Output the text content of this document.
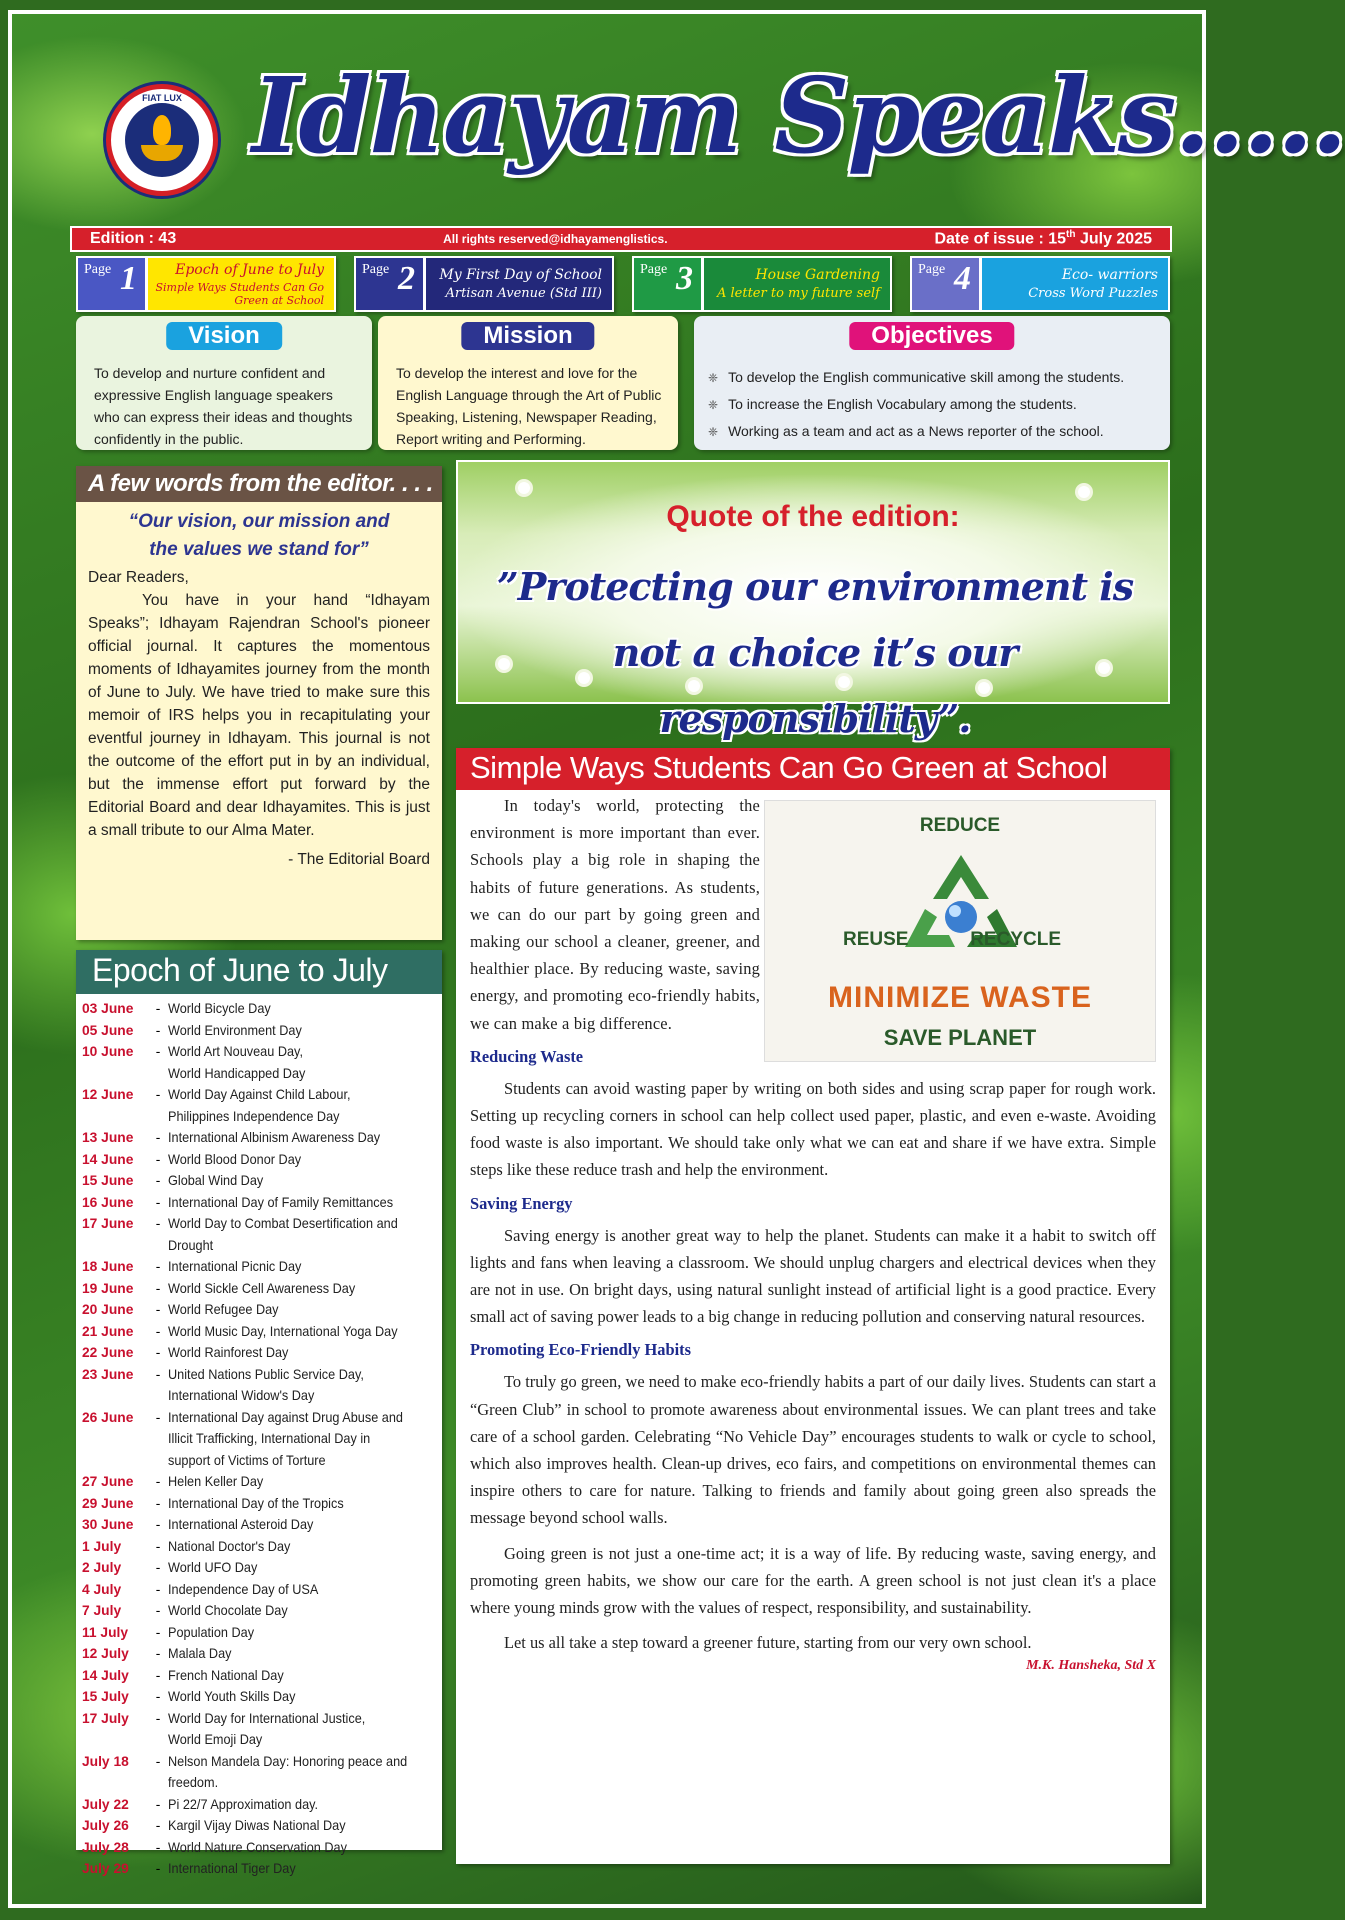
FIAT LUX Idhayam Speaks.....
Edition : 43	All rights reserved@idhayamenglistics.	Date of issue : 15th July 2025
Page 1	Epoch of June to July
Simple Ways Students Can Go Green at School
Page 2	My First Day of School
Artisan Avenue (Std III)
Page 3	House Gardening
A letter to my future self
Page 4	Eco- warriors
Cross Word Puzzles
Vision
To develop and nurture confident and expressive English language speakers who can express their ideas and thoughts confidently in the public.
Mission
To develop the interest and love for the English Language through the Art of Public Speaking, Listening, Newspaper Reading, Report writing and Performing.
Objectives
❈ To develop the English communicative skill among the students.
❈ To increase the English Vocabulary among the students.
❈ Working as a team and act as a News reporter of the school.
A few words from the editor. . . .
“Our vision, our mission and
the values we stand for”
Dear Readers,
You have in your hand “Idhayam Speaks”; Idhayam Rajendran School's pioneer official journal. It captures the momentous moments of Idhayamites journey from the month of June to July. We have tried to make sure this memoir of IRS helps you in recapitulating your eventful journey in Idhayam. This journal is not the outcome of the effort put in by an individual, but the immense effort put forward by the Editorial Board and dear Idhayamites. This is just a small tribute to our Alma Mater.
- The Editorial Board
Epoch of June to July
03 June	- World Bicycle Day
05 June	- World Environment Day
10 June	- World Art Nouveau Day,
World Handicapped Day
12 June	- World Day Against Child Labour,
Philippines Independence Day
13 June	- International Albinism Awareness Day
14 June	- World Blood Donor Day
15 June	- Global Wind Day
16 June	- International Day of Family Remittances
17 June	- World Day to Combat Desertification and
Drought
18 June	- International Picnic Day
19 June	- World Sickle Cell Awareness Day
20 June	- World Refugee Day
21 June	- World Music Day, International Yoga Day
22 June	- World Rainforest Day
23 June	- United Nations Public Service Day,
International Widow's Day
26 June	- International Day against Drug Abuse and
Illicit Trafficking, International Day in
support of Victims of Torture
27 June	- Helen Keller Day
29 June	- International Day of the Tropics
30 June	- International Asteroid Day
1 July	- National Doctor's Day
2 July	- World UFO Day
4 July	- Independence Day of USA
7 July	- World Chocolate Day
11 July	- Population Day
12 July	- Malala Day
14 July	- French National Day
15 July	- World Youth Skills Day
17 July	- World Day for International Justice,
World Emoji Day
July 18	- Nelson Mandela Day: Honoring peace and
freedom.
July 22	- Pi 22/7 Approximation day.
July 26	- Kargil Vijay Diwas National Day
July 28	- World Nature Conservation Day
July 29	- International Tiger Day
Quote of the edition:
”Protecting our environment is
not a choice it’s our responsibility”.

In today's world, protecting the environment is more important than ever. Schools play a big role in shaping the habits of future generations. As students, we can do our part by going green and making our school a cleaner, greener, and healthier place. By reducing waste, saving energy, and promoting eco-friendly habits, we can make a big difference.

Reducing Waste

Students can avoid wasting paper by writing on both sides and using scrap paper for rough work. Setting up recycling corners in school can help collect used paper, plastic, and even e-waste. Avoiding food waste is also important. We should take only what we can eat and share if we have extra. Simple steps like these reduce trash and help the environment.

Saving Energy

Saving energy is another great way to help the planet. Students can make it a habit to switch off lights and fans when leaving a classroom. We should unplug chargers and electrical devices when they are not in use. On bright days, using natural sunlight instead of artificial light is a good practice. Every small act of saving power leads to a big change in reducing pollution and conserving natural resources.

Promoting Eco-Friendly Habits

To truly go green, we need to make eco-friendly habits a part of our daily lives. Students can start a “Green Club” in school to promote awareness about environmental issues. We can plant trees and take care of a school garden. Celebrating “No Vehicle Day” encourages students to walk or cycle to school, which also improves health. Clean-up drives, eco fairs, and competitions on environmental themes can inspire others to care for nature. Talking to friends and family about going green also spreads the message beyond school walls.

Going green is not just a one-time act; it is a way of life. By reducing waste, saving energy, and promoting green habits, we show our care for the earth. A green school is not just clean it's a place where young minds grow with the values of respect, responsibility, and sustainability.

Let us all take a step toward a greener future, starting from our very own school.

M.K. Hansheka, Std X
Simple Ways Students Can Go Green at School
REDUCE
REUSE	RECYCLE
MINIMIZE WASTE
SAVE PLANET
